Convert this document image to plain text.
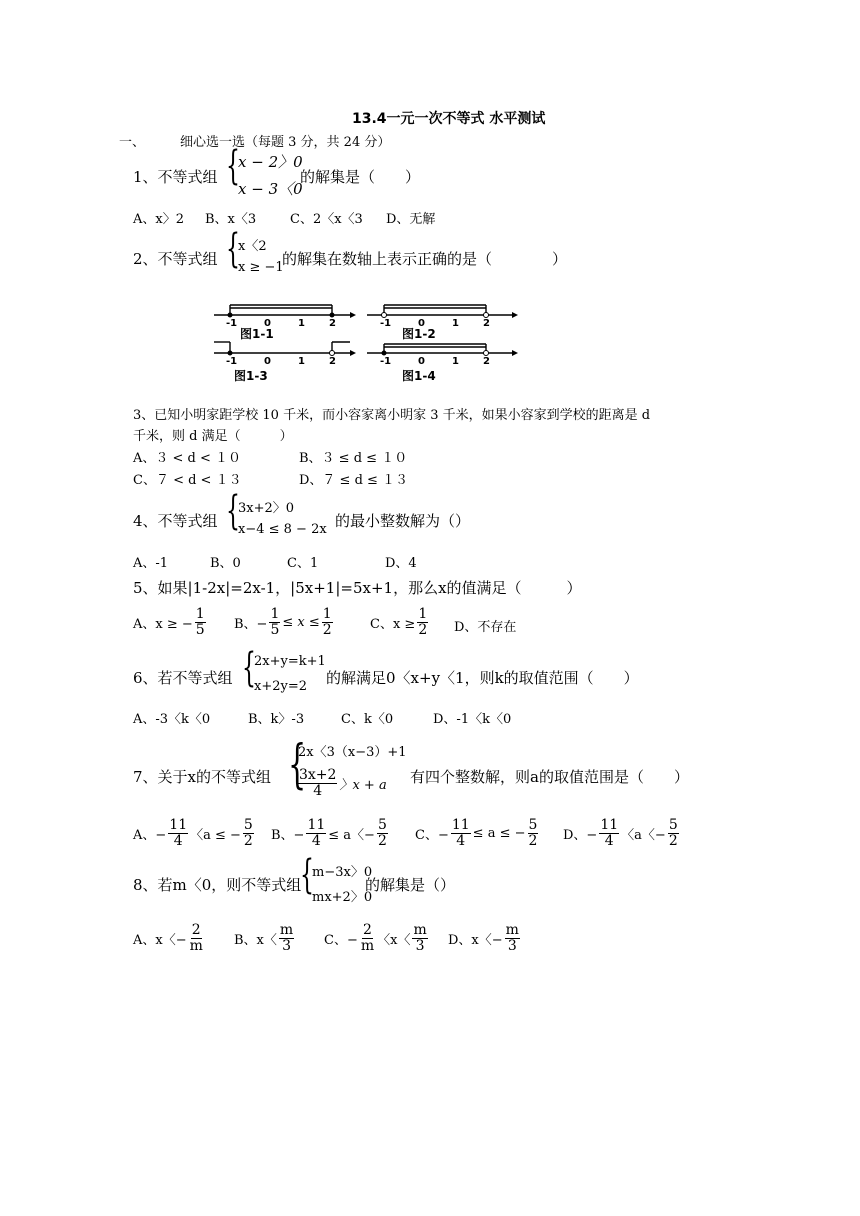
13.4一元一次不等式 水平测试
一、	细心选一选（每题 3 分，共 24 分）
1、不等式组 {
x − 2〉0
x − 3〈0
的解集是（　　）
A、x〉2 B、x〈3	C、2〈x〈3 D、无解
2、不等式组 {
x〈2
x ≥ −1
的解集在数轴上表示正确的是（　　　　）
-1	0	1 2	-1	0	1 2
-1	0	1 2	-1	0	1 2
图1-1	图1-2
图1-3	图1-4
3、已知小明家距学校 10 千米，而小容家离小明家 3 千米，如果小容家到学校的距离是 d
千米，则 d 满足（　　　）
A、３ < d < １０	B、３ ≤ d ≤ １０
C、７ < d < １３	D、７ ≤ d ≤ １３
4、不等式组 {
3x+2〉0
x−4 ≤ 8 − 2x 的最小整数解为（）
A、-1	B、0	C、1	D、4
5、如果|1-2x|=2x-1，|5x+1|=5x+1，那么x的值满足（　　　）
A、x ≥ − $\frac{1}{5}$ B、− $\frac{1}{5} \le x \le \frac{1}{2}$	C、$x \ge \frac{1}{2}$ D、不存在
6、若不等式组 {
2x+y=k+1
x+2y=2 的解满足0〈x+y〈1，则k的取值范围（　　）
A、-3〈k〈0	B、k〉-3	C、k〈0	D、-1〈k〈0
7、关于x的不等式组 {
2x〈3（x−3）+1
$\frac{3x+2}{4}$ 〉x + a 有四个整数解，则a的取值范围是（　　）
A、− $\frac{11}{4}$ 〈a ≤ − $\frac{5}{2}$ B、− $\frac{11}{4} \le a$〈− $\frac{5}{2}$ C、− $\frac{11}{4} \le a$ ≤ − $\frac{5}{2}$ D、− $\frac{11}{4}$ 〈a〈− $\frac{5}{2}$
8、若m〈0，则不等式组
{
m−3x〉0
mx+2〉0
的解集是（）
A、x〈− $\frac{2}{m}$ B、x〈 $\frac{m}{3}$ C、− $\frac{2}{m}$ 〈x〈 $\frac{m}{3}$ D、x〈− $\frac{m}{3}$
